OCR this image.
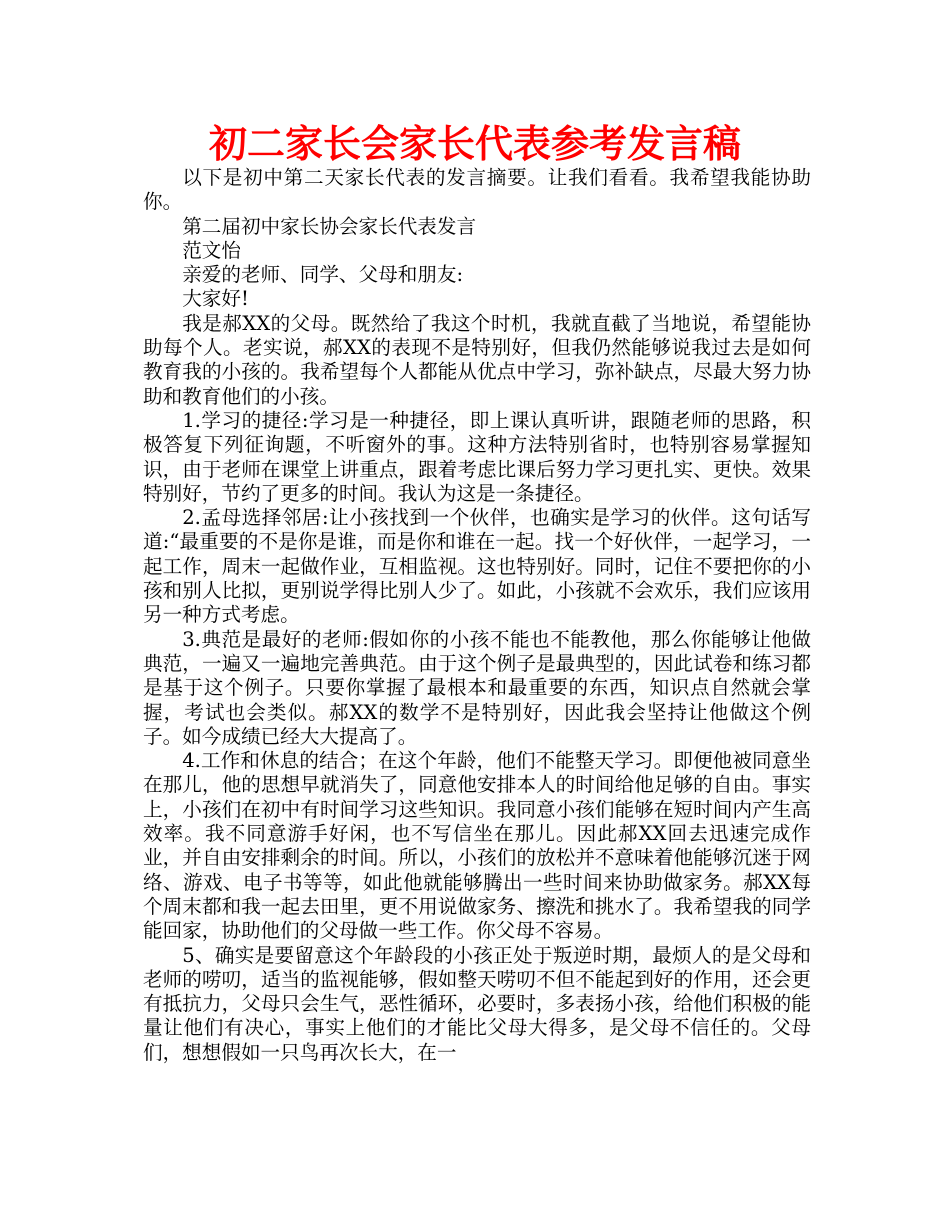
初二家长会家长代表参考发言稿

以下是初中第二天家长代表的发言摘要。让我们看看。我希望我能协助你。

第二届初中家长协会家长代表发言

范文怡

亲爱的老师、同学、父母和朋友:

大家好!

我是郝XX的父母。既然给了我这个时机，我就直截了当地说，希望能协助每个人。老实说，郝XX的表现不是特别好，但我仍然能够说我过去是如何教育我的小孩的。我希望每个人都能从优点中学习，弥补缺点，尽最大努力协助和教育他们的小孩。

1.学习的捷径:学习是一种捷径，即上课认真听讲，跟随老师的思路，积极答复下列征询题，不听窗外的事。这种方法特别省时，也特别容易掌握知识，由于老师在课堂上讲重点，跟着考虑比课后努力学习更扎实、更快。效果特别好，节约了更多的时间。我认为这是一条捷径。

2.孟母选择邻居:让小孩找到一个伙伴，也确实是学习的伙伴。这句话写道:“最重要的不是你是谁，而是你和谁在一起。找一个好伙伴，一起学习，一起工作，周末一起做作业，互相监视。这也特别好。同时，记住不要把你的小孩和别人比拟，更别说学得比别人少了。如此，小孩就不会欢乐，我们应该用另一种方式考虑。

3.典范是最好的老师:假如你的小孩不能也不能教他，那么你能够让他做典范，一遍又一遍地完善典范。由于这个例子是最典型的，因此试卷和练习都是基于这个例子。只要你掌握了最根本和最重要的东西，知识点自然就会掌握，考试也会类似。郝XX的数学不是特别好，因此我会坚持让他做这个例子。如今成绩已经大大提高了。

4.工作和休息的结合；在这个年龄，他们不能整天学习。即便他被同意坐在那儿，他的思想早就消失了，同意他安排本人的时间给他足够的自由。事实上，小孩们在初中有时间学习这些知识。我同意小孩们能够在短时间内产生高效率。我不同意游手好闲，也不写信坐在那儿。因此郝XX回去迅速完成作业，并自由安排剩余的时间。所以，小孩们的放松并不意味着他能够沉迷于网络、游戏、电子书等等，如此他就能够腾出一些时间来协助做家务。郝XX每个周末都和我一起去田里，更不用说做家务、擦洗和挑水了。我希望我的同学能回家，协助他们的父母做一些工作。你父母不容易。

5、确实是要留意这个年龄段的小孩正处于叛逆时期，最烦人的是父母和老师的唠叨，适当的监视能够，假如整天唠叨不但不能起到好的作用，还会更有抵抗力，父母只会生气，恶性循环，必要时，多表扬小孩，给他们积极的能量让他们有决心，事实上他们的才能比父母大得多，是父母不信任的。父母们，想想假如一只鸟再次长大，在一
